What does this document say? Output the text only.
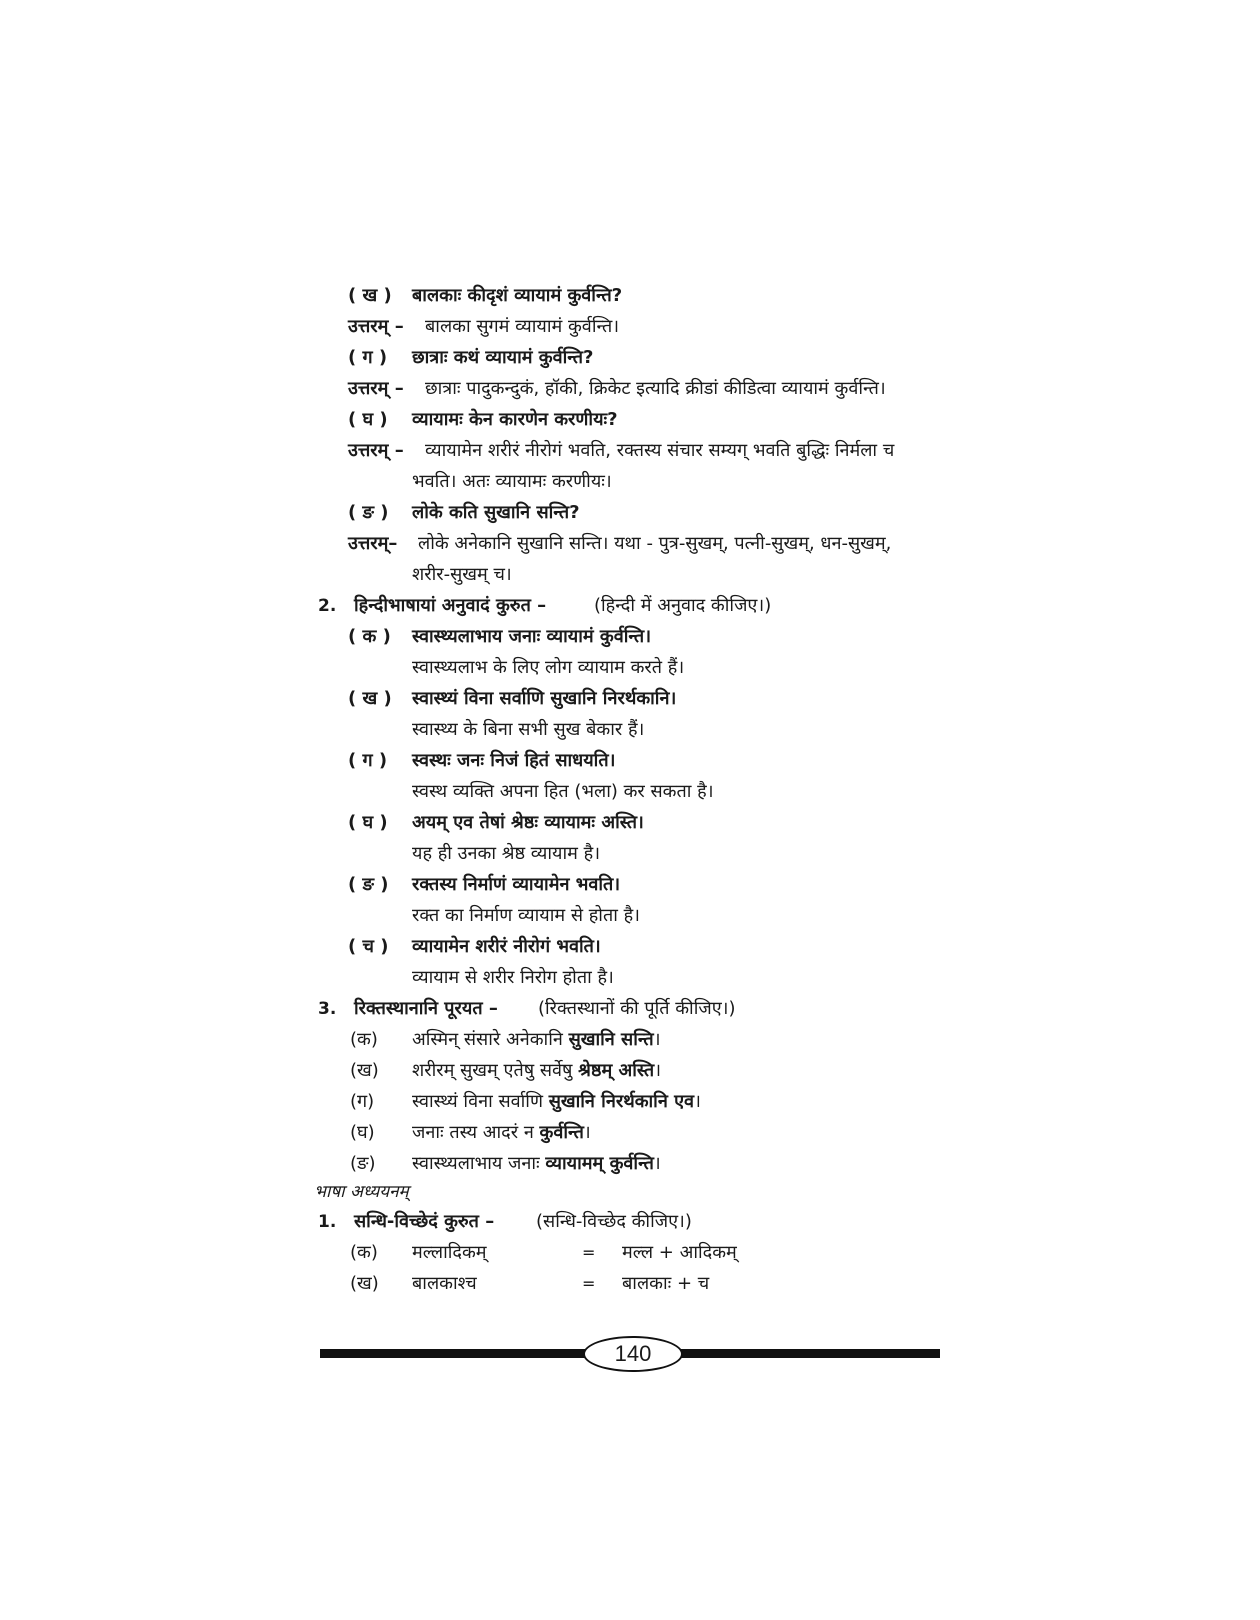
( ख ) बालकाः कीदृशं व्यायामं कुर्वन्ति?
उत्तरम् – बालका सुगमं व्यायामं कुर्वन्ति।
( ग ) छात्राः कथं व्यायामं कुर्वन्ति?
उत्तरम् – छात्राः पादुकन्दुकं, हॉकी, क्रिकेट इत्यादि क्रीडां कीडित्वा व्यायामं कुर्वन्ति।
( घ ) व्यायामः केन कारणेन करणीयः?
उत्तरम् – व्यायामेन शरीरं नीरोगं भवति, रक्तस्य संचार सम्यग् भवति बुद्धिः निर्मला च
भवति। अतः व्यायामः करणीयः।
( ङ ) लोके कति सुखानि सन्ति?
उत्तरम्– लोके अनेकानि सुखानि सन्ति। यथा - पुत्र-सुखम्, पत्नी-सुखम्, धन-सुखम्,
शरीर-सुखम् च।
2. हिन्दीभाषायां अनुवादं कुरुत –	(हिन्दी में अनुवाद कीजिए।)
( क ) स्वास्थ्यलाभाय जनाः व्यायामं कुर्वन्ति।
स्वास्थ्यलाभ के लिए लोग व्यायाम करते हैं।
( ख ) स्वास्थ्यं विना सर्वाणि सुखानि निरर्थकानि।
स्वास्थ्य के बिना सभी सुख बेकार हैं।
( ग ) स्वस्थः जनः निजं हितं साधयति।
स्वस्थ व्यक्ति अपना हित (भला) कर सकता है।
( घ ) अयम् एव तेषां श्रेष्ठः व्यायामः अस्ति।
यह ही उनका श्रेष्ठ व्यायाम है।
( ङ ) रक्तस्य निर्माणं व्यायामेन भवति।
रक्त का निर्माण व्यायाम से होता है।
( च ) व्यायामेन शरीरं नीरोगं भवति।
व्यायाम से शरीर निरोग होता है।
3. रिक्तस्थानानि पूरयत – (रिक्तस्थानों की पूर्ति कीजिए।)
(क) अस्मिन् संसारे अनेकानि सुखानि सन्ति।
(ख) शरीरम् सुखम् एतेषु सर्वेषु श्रेष्ठम् अस्ति।
(ग) स्वास्थ्यं विना सर्वाणि सुखानि निरर्थकानि एव।
(घ) जनाः तस्य आदरं न कुर्वन्ति।
(ङ) स्वास्थ्यलाभाय जनाः व्यायामम् कुर्वन्ति।
भाषा अध्ययनम्
1. सन्धि-विच्छेदं कुरुत – (सन्धि-विच्छेद कीजिए।)
(क) मल्लादिकम्	= मल्ल + आदिकम्
(ख) बालकाश्च	= बालकाः + च
140
